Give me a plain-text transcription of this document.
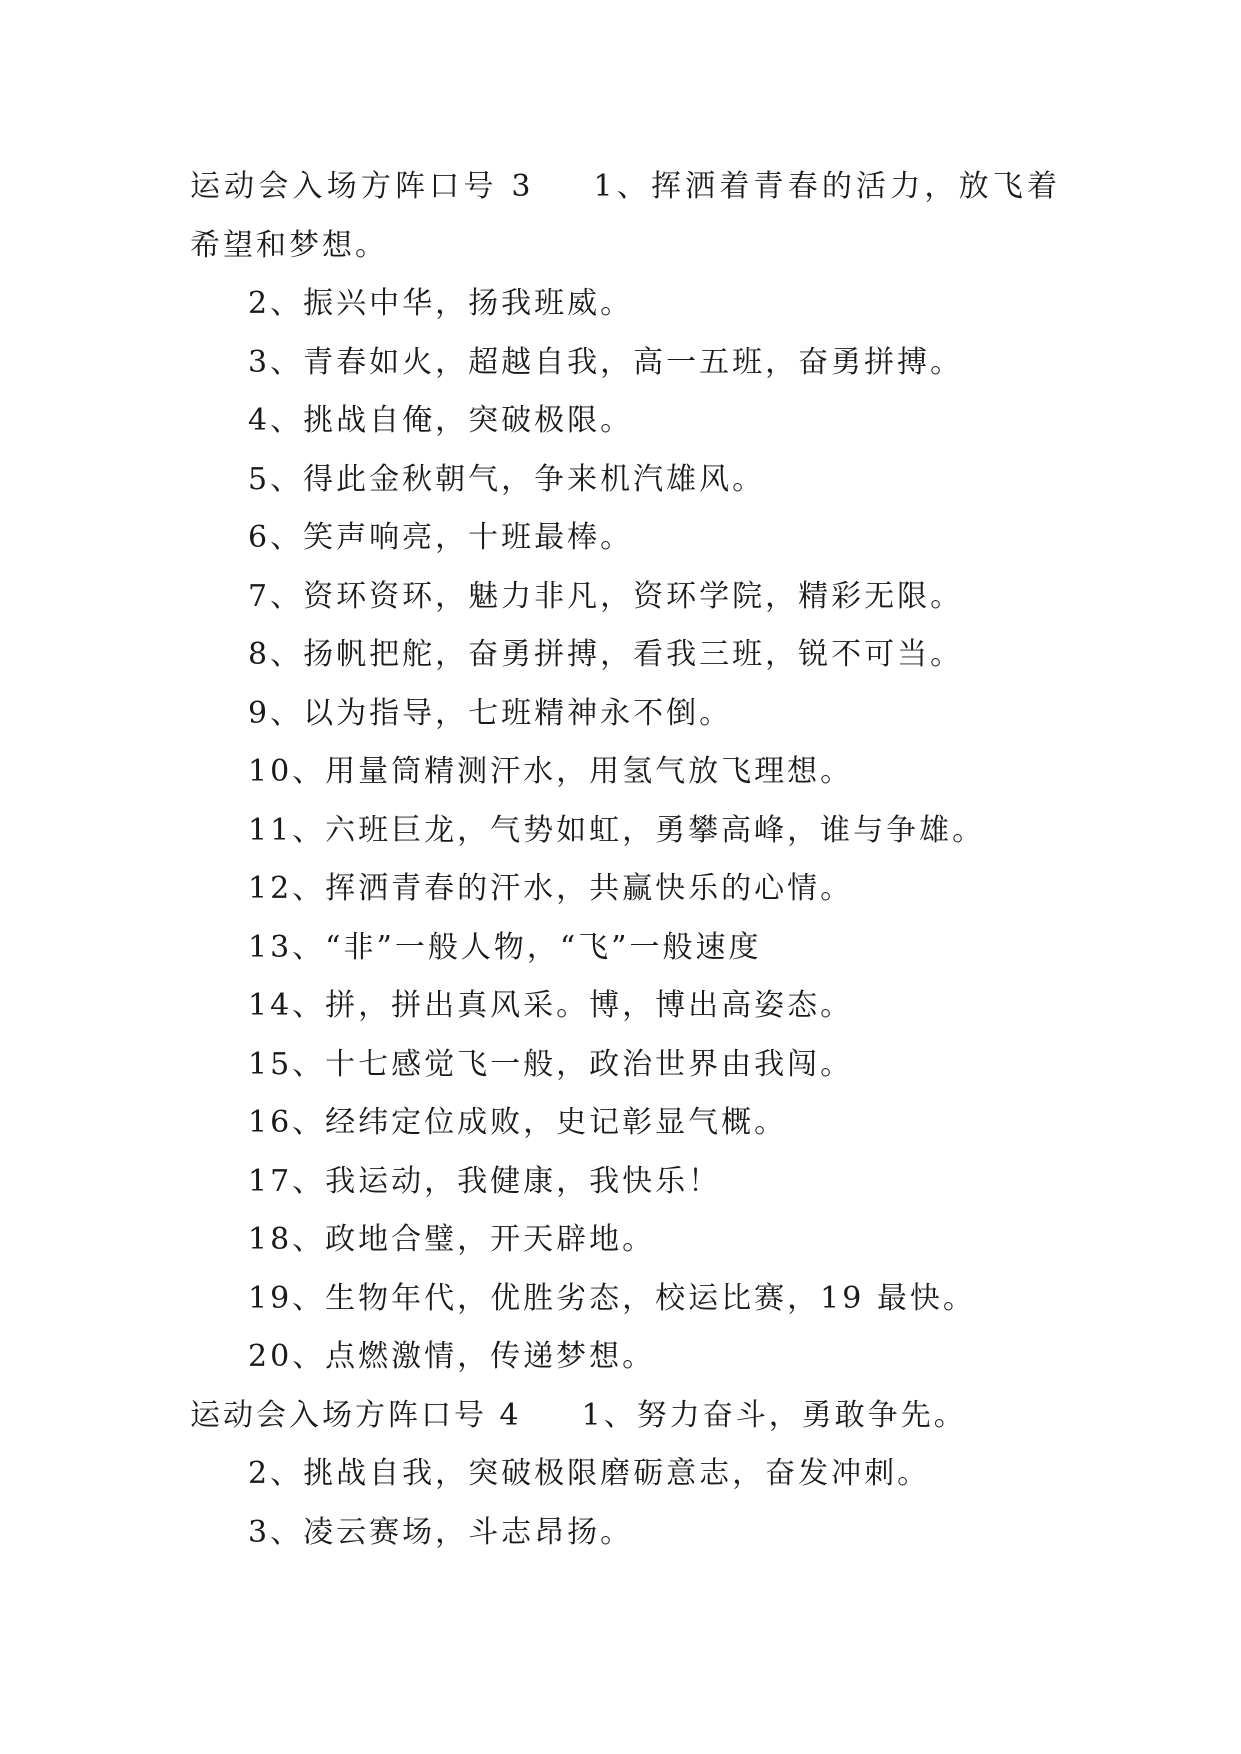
运动会入场方阵口号 3 1、挥洒着青春的活力，放飞着希望和梦想。
2、振兴中华，扬我班威。
3、青春如火，超越自我，高一五班，奋勇拼搏。
4、挑战自俺，突破极限。
5、得此金秋朝气，争来机汽雄风。
6、笑声响亮，十班最棒。
7、资环资环，魅力非凡，资环学院，精彩无限。
8、扬帆把舵，奋勇拼搏，看我三班，锐不可当。
9、以为指导，七班精神永不倒。
10、用量筒精测汗水，用氢气放飞理想。
11、六班巨龙，气势如虹，勇攀高峰，谁与争雄。
12、挥洒青春的汗水，共赢快乐的心情。
13、“非”一般人物，“飞”一般速度
14、拼，拼出真风采。博，博出高姿态。
15、十七感觉飞一般，政治世界由我闯。
16、经纬定位成败，史记彰显气概。
17、我运动，我健康，我快乐！
18、政地合璧，开天辟地。
19、生物年代，优胜劣态，校运比赛，19 最快。
20、点燃激情，传递梦想。
运动会入场方阵口号 4 1、努力奋斗，勇敢争先。
2、挑战自我，突破极限磨砺意志，奋发冲刺。
3、凌云赛场，斗志昂扬。
